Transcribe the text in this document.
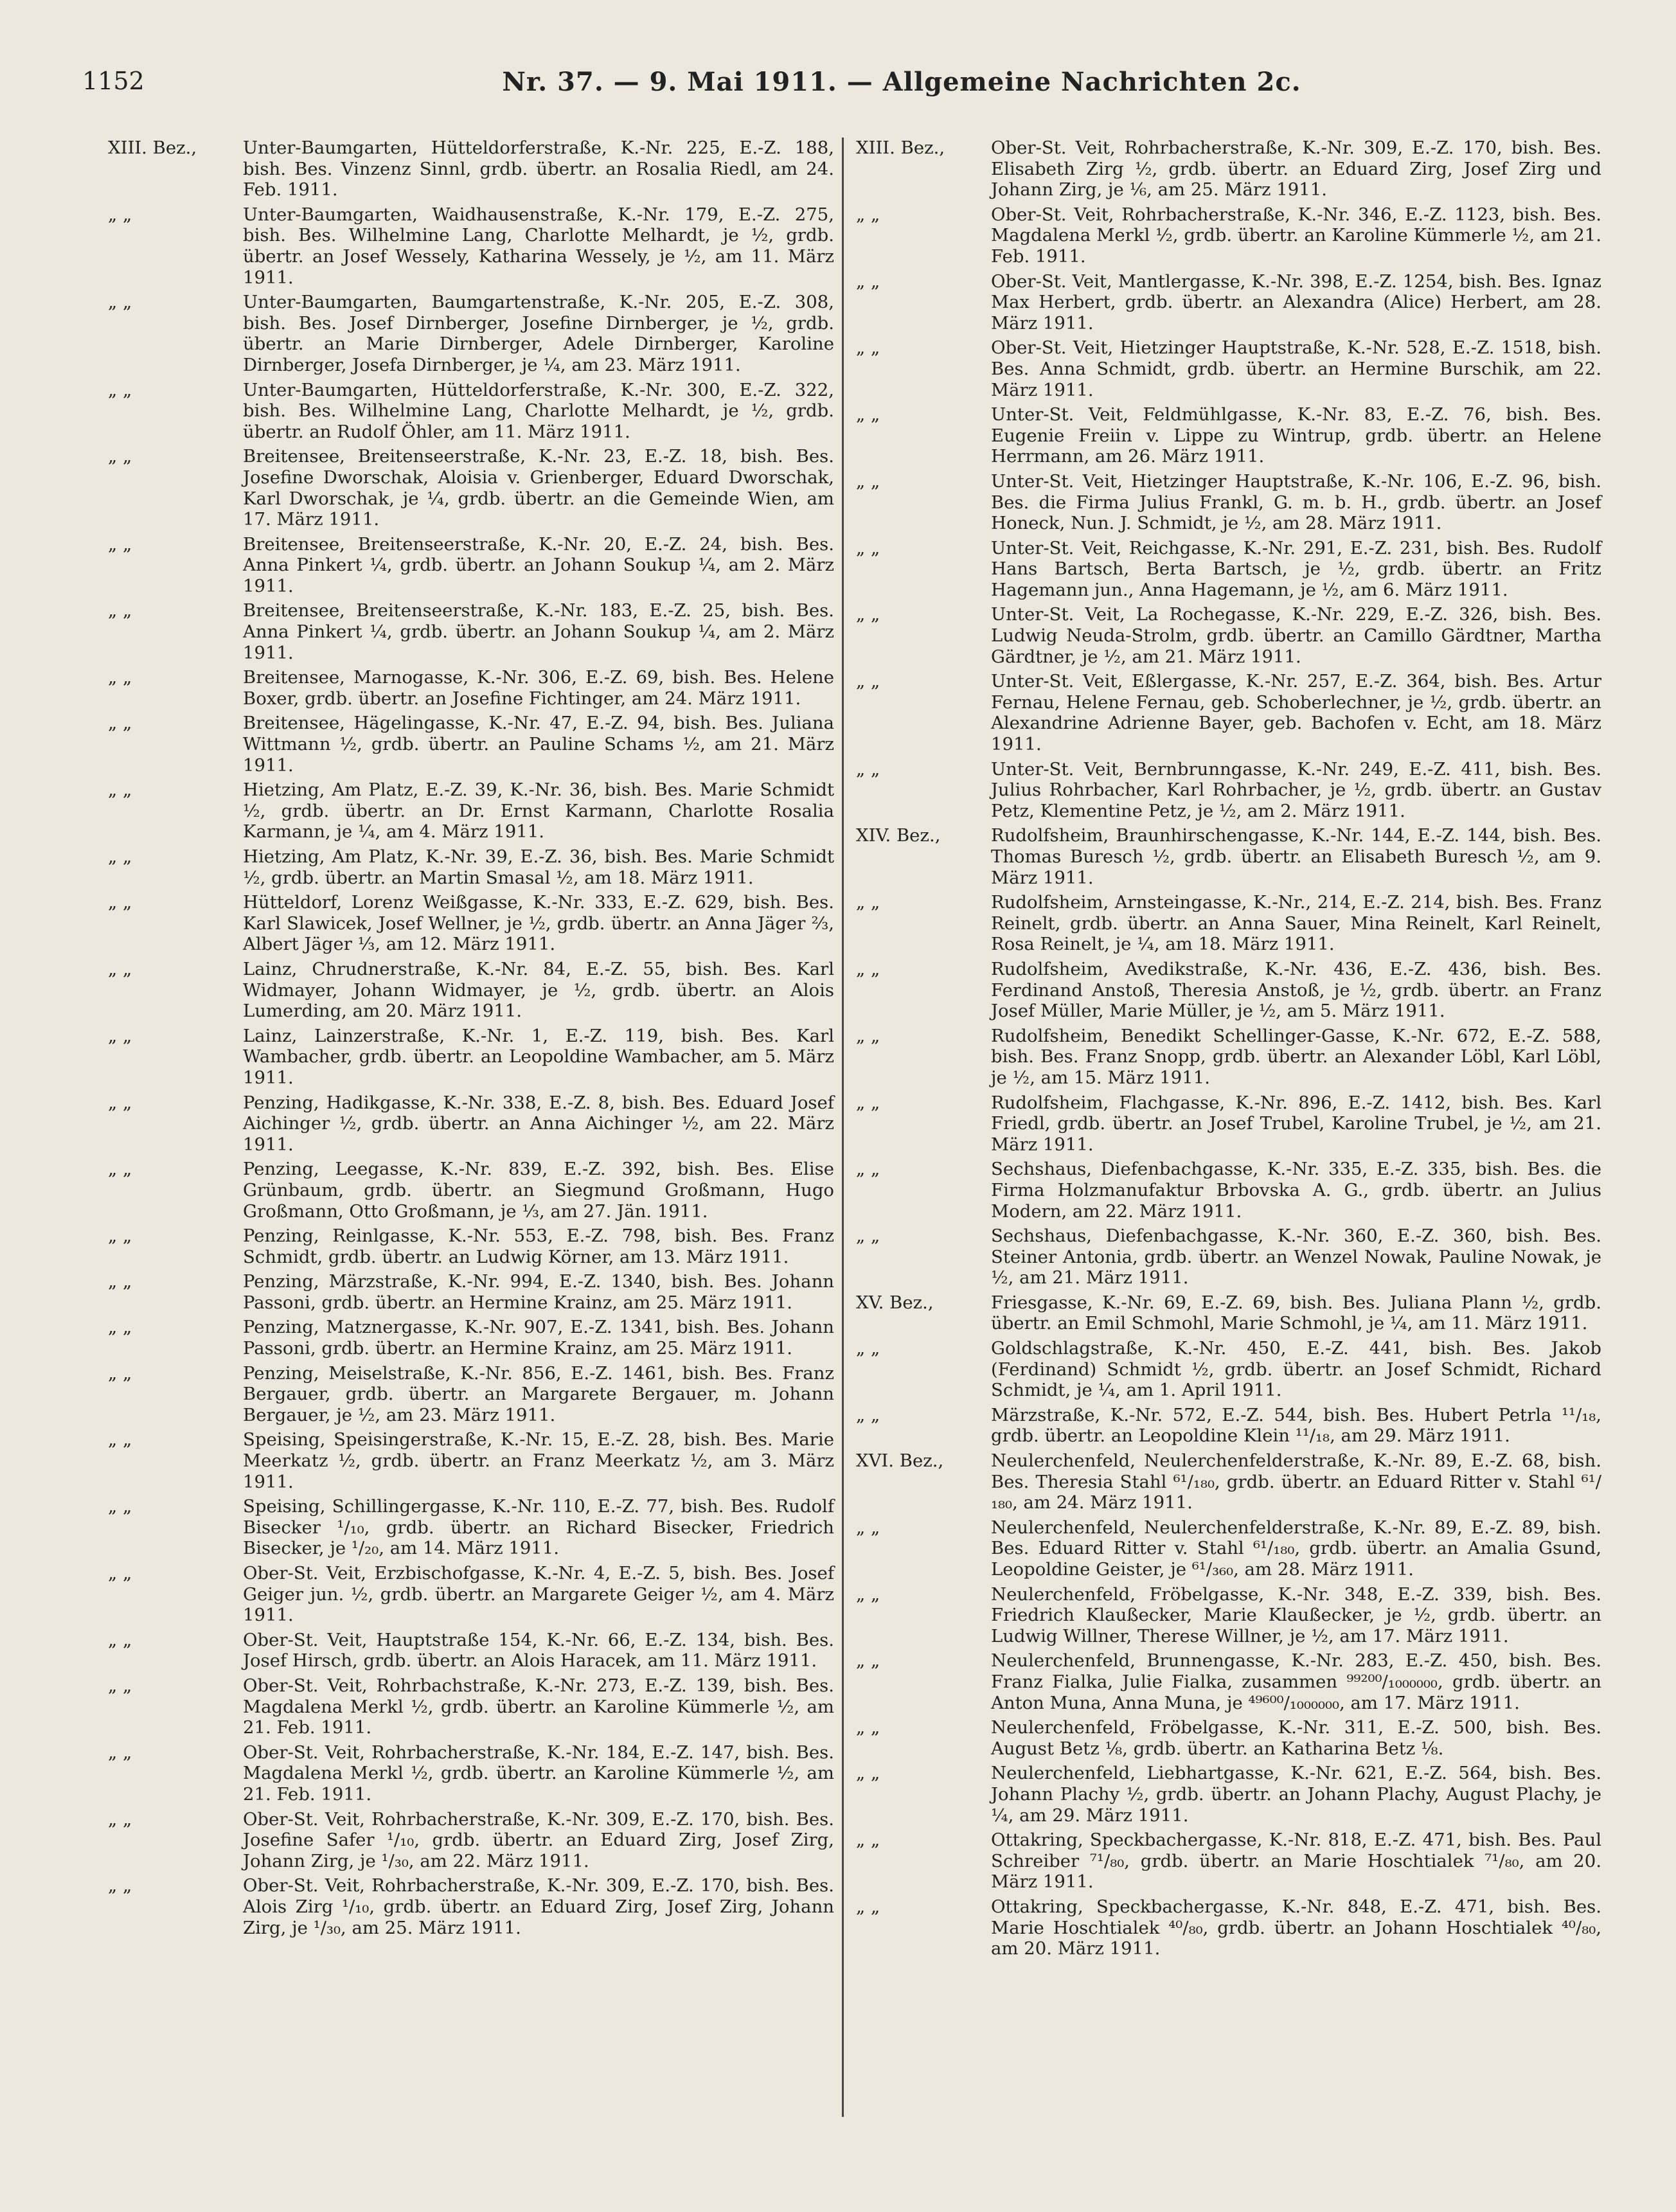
1152	Nr. 37. — 9. Mai 1911. — Allgemeine Nachrichten 2c.
XIII. Bez.,	Unter-Baumgarten, Hütteldorferstraße, K.-Nr. 225, E.-Z. 188, bish. Bes. Vinzenz Sinnl, grdb. übertr. an Rosalia Riedl, am 24. Feb. 1911.
„ „	Unter-Baumgarten, Waidhausenstraße, K.-Nr. 179, E.-Z. 275, bish. Bes. Wilhelmine Lang, Charlotte Melhardt, je ½, grdb. übertr. an Josef Wessely, Katharina Wessely, je ½, am 11. März 1911.
„ „	Unter-Baumgarten, Baumgartenstraße, K.-Nr. 205, E.-Z. 308, bish. Bes. Josef Dirnberger, Josefine Dirnberger, je ½, grdb. übertr. an Marie Dirnberger, Adele Dirnberger, Karoline Dirnberger, Josefa Dirnberger, je ¼, am 23. März 1911.
„ „	Unter-Baumgarten, Hütteldorferstraße, K.-Nr. 300, E.-Z. 322, bish. Bes. Wilhelmine Lang, Charlotte Melhardt, je ½, grdb. übertr. an Rudolf Öhler, am 11. März 1911.
„ „	Breitensee, Breitenseerstraße, K.-Nr. 23, E.-Z. 18, bish. Bes. Josefine Dworschak, Aloisia v. Grienberger, Eduard Dworschak, Karl Dworschak, je ¼, grdb. übertr. an die Gemeinde Wien, am 17. März 1911.
„ „	Breitensee, Breitenseerstraße, K.-Nr. 20, E.-Z. 24, bish. Bes. Anna Pinkert ¼, grdb. übertr. an Johann Soukup ¼, am 2. März 1911.
„ „	Breitensee, Breitenseerstraße, K.-Nr. 183, E.-Z. 25, bish. Bes. Anna Pinkert ¼, grdb. übertr. an Johann Soukup ¼, am 2. März 1911.
„ „	Breitensee, Marnogasse, K.-Nr. 306, E.-Z. 69, bish. Bes. Helene Boxer, grdb. übertr. an Josefine Fichtinger, am 24. März 1911.
„ „	Breitensee, Hägelingasse, K.-Nr. 47, E.-Z. 94, bish. Bes. Juliana Wittmann ½, grdb. übertr. an Pauline Schams ½, am 21. März 1911.
„ „	Hietzing, Am Platz, E.-Z. 39, K.-Nr. 36, bish. Bes. Marie Schmidt ½, grdb. übertr. an Dr. Ernst Karmann, Charlotte Rosalia Karmann, je ¼, am 4. März 1911.
„ „	Hietzing, Am Platz, K.-Nr. 39, E.-Z. 36, bish. Bes. Marie Schmidt ½, grdb. übertr. an Martin Smasal ½, am 18. März 1911.
„ „	Hütteldorf, Lorenz Weißgasse, K.-Nr. 333, E.-Z. 629, bish. Bes. Karl Slawicek, Josef Wellner, je ½, grdb. übertr. an Anna Jäger ⅔, Albert Jäger ⅓, am 12. März 1911.
„ „	Lainz, Chrudnerstraße, K.-Nr. 84, E.-Z. 55, bish. Bes. Karl Widmayer, Johann Widmayer, je ½, grdb. übertr. an Alois Lumerding, am 20. März 1911.
„ „	Lainz, Lainzerstraße, K.-Nr. 1, E.-Z. 119, bish. Bes. Karl Wambacher, grdb. übertr. an Leopoldine Wambacher, am 5. März 1911.
„ „	Penzing, Hadikgasse, K.-Nr. 338, E.-Z. 8, bish. Bes. Eduard Josef Aichinger ½, grdb. übertr. an Anna Aichinger ½, am 22. März 1911.
„ „	Penzing, Leegasse, K.-Nr. 839, E.-Z. 392, bish. Bes. Elise Grünbaum, grdb. übertr. an Siegmund Großmann, Hugo Großmann, Otto Großmann, je ⅓, am 27. Jän. 1911.
„ „	Penzing, Reinlgasse, K.-Nr. 553, E.-Z. 798, bish. Bes. Franz Schmidt, grdb. übertr. an Ludwig Körner, am 13. März 1911.
„ „	Penzing, Märzstraße, K.-Nr. 994, E.-Z. 1340, bish. Bes. Johann Passoni, grdb. übertr. an Hermine Krainz, am 25. März 1911.
„ „	Penzing, Matznergasse, K.-Nr. 907, E.-Z. 1341, bish. Bes. Johann Passoni, grdb. übertr. an Hermine Krainz, am 25. März 1911.
„ „	Penzing, Meiselstraße, K.-Nr. 856, E.-Z. 1461, bish. Bes. Franz Bergauer, grdb. übertr. an Margarete Bergauer, m. Johann Bergauer, je ½, am 23. März 1911.
„ „	Speising, Speisingerstraße, K.-Nr. 15, E.-Z. 28, bish. Bes. Marie Meerkatz ½, grdb. übertr. an Franz Meerkatz ½, am 3. März 1911.
„ „	Speising, Schillingergasse, K.-Nr. 110, E.-Z. 77, bish. Bes. Rudolf Bisecker ¹/₁₀, grdb. übertr. an Richard Bisecker, Friedrich Bisecker, je ¹/₂₀, am 14. März 1911.
„ „	Ober-St. Veit, Erzbischofgasse, K.-Nr. 4, E.-Z. 5, bish. Bes. Josef Geiger jun. ½, grdb. übertr. an Margarete Geiger ½, am 4. März 1911.
„ „	Ober-St. Veit, Hauptstraße 154, K.-Nr. 66, E.-Z. 134, bish. Bes. Josef Hirsch, grdb. übertr. an Alois Haracek, am 11. März 1911.
„ „	Ober-St. Veit, Rohrbachstraße, K.-Nr. 273, E.-Z. 139, bish. Bes. Magdalena Merkl ½, grdb. übertr. an Karoline Kümmerle ½, am 21. Feb. 1911.
„ „	Ober-St. Veit, Rohrbacherstraße, K.-Nr. 184, E.-Z. 147, bish. Bes. Magdalena Merkl ½, grdb. übertr. an Karoline Kümmerle ½, am 21. Feb. 1911.
„ „	Ober-St. Veit, Rohrbacherstraße, K.-Nr. 309, E.-Z. 170, bish. Bes. Josefine Safer ¹/₁₀, grdb. übertr. an Eduard Zirg, Josef Zirg, Johann Zirg, je ¹/₃₀, am 22. März 1911.
„ „	Ober-St. Veit, Rohrbacherstraße, K.-Nr. 309, E.-Z. 170, bish. Bes. Alois Zirg ¹/₁₀, grdb. übertr. an Eduard Zirg, Josef Zirg, Johann Zirg, je ¹/₃₀, am 25. März 1911.
XIII. Bez.,	Ober-St. Veit, Rohrbacherstraße, K.-Nr. 309, E.-Z. 170, bish. Bes. Elisabeth Zirg ½, grdb. übertr. an Eduard Zirg, Josef Zirg und Johann Zirg, je ⅙, am 25. März 1911.
„ „	Ober-St. Veit, Rohrbacherstraße, K.-Nr. 346, E.-Z. 1123, bish. Bes. Magdalena Merkl ½, grdb. übertr. an Karoline Kümmerle ½, am 21. Feb. 1911.
„ „	Ober-St. Veit, Mantlergasse, K.-Nr. 398, E.-Z. 1254, bish. Bes. Ignaz Max Herbert, grdb. übertr. an Alexandra (Alice) Herbert, am 28. März 1911.
„ „	Ober-St. Veit, Hietzinger Hauptstraße, K.-Nr. 528, E.-Z. 1518, bish. Bes. Anna Schmidt, grdb. übertr. an Hermine Burschik, am 22. März 1911.
„ „	Unter-St. Veit, Feldmühlgasse, K.-Nr. 83, E.-Z. 76, bish. Bes. Eugenie Freiin v. Lippe zu Wintrup, grdb. übertr. an Helene Herrmann, am 26. März 1911.
„ „	Unter-St. Veit, Hietzinger Hauptstraße, K.-Nr. 106, E.-Z. 96, bish. Bes. die Firma Julius Frankl, G. m. b. H., grdb. übertr. an Josef Honeck, Nun. J. Schmidt, je ½, am 28. März 1911.
„ „	Unter-St. Veit, Reichgasse, K.-Nr. 291, E.-Z. 231, bish. Bes. Rudolf Hans Bartsch, Berta Bartsch, je ½, grdb. übertr. an Fritz Hagemann jun., Anna Hagemann, je ½, am 6. März 1911.
„ „	Unter-St. Veit, La Rochegasse, K.-Nr. 229, E.-Z. 326, bish. Bes. Ludwig Neuda-Strolm, grdb. übertr. an Camillo Gärdtner, Martha Gärdtner, je ½, am 21. März 1911.
„ „	Unter-St. Veit, Eßlergasse, K.-Nr. 257, E.-Z. 364, bish. Bes. Artur Fernau, Helene Fernau, geb. Schoberlechner, je ½, grdb. übertr. an Alexandrine Adrienne Bayer, geb. Bachofen v. Echt, am 18. März 1911.
„ „	Unter-St. Veit, Bernbrunngasse, K.-Nr. 249, E.-Z. 411, bish. Bes. Julius Rohrbacher, Karl Rohrbacher, je ½, grdb. übertr. an Gustav Petz, Klementine Petz, je ½, am 2. März 1911.
XIV. Bez.,	Rudolfsheim, Braunhirschengasse, K.-Nr. 144, E.-Z. 144, bish. Bes. Thomas Buresch ½, grdb. übertr. an Elisabeth Buresch ½, am 9. März 1911.
„ „	Rudolfsheim, Arnsteingasse, K.-Nr., 214, E.-Z. 214, bish. Bes. Franz Reinelt, grdb. übertr. an Anna Sauer, Mina Reinelt, Karl Reinelt, Rosa Reinelt, je ¼, am 18. März 1911.
„ „	Rudolfsheim, Avedikstraße, K.-Nr. 436, E.-Z. 436, bish. Bes. Ferdinand Anstoß, Theresia Anstoß, je ½, grdb. übertr. an Franz Josef Müller, Marie Müller, je ½, am 5. März 1911.
„ „	Rudolfsheim, Benedikt Schellinger-Gasse, K.-Nr. 672, E.-Z. 588, bish. Bes. Franz Snopp, grdb. übertr. an Alexander Löbl, Karl Löbl, je ½, am 15. März 1911.
„ „	Rudolfsheim, Flachgasse, K.-Nr. 896, E.-Z. 1412, bish. Bes. Karl Friedl, grdb. übertr. an Josef Trubel, Karoline Trubel, je ½, am 21. März 1911.
„ „	Sechshaus, Diefenbachgasse, K.-Nr. 335, E.-Z. 335, bish. Bes. die Firma Holzmanufaktur Brbovska A. G., grdb. übertr. an Julius Modern, am 22. März 1911.
„ „	Sechshaus, Diefenbachgasse, K.-Nr. 360, E.-Z. 360, bish. Bes. Steiner Antonia, grdb. übertr. an Wenzel Nowak, Pauline Nowak, je ½, am 21. März 1911.
XV. Bez.,	Friesgasse, K.-Nr. 69, E.-Z. 69, bish. Bes. Juliana Plann ½, grdb. übertr. an Emil Schmohl, Marie Schmohl, je ¼, am 11. März 1911.
„ „	Goldschlagstraße, K.-Nr. 450, E.-Z. 441, bish. Bes. Jakob (Ferdinand) Schmidt ½, grdb. übertr. an Josef Schmidt, Richard Schmidt, je ¼, am 1. April 1911.
„ „	Märzstraße, K.-Nr. 572, E.-Z. 544, bish. Bes. Hubert Petrla ¹¹/₁₈, grdb. übertr. an Leopoldine Klein ¹¹/₁₈, am 29. März 1911.
XVI. Bez.,	Neulerchenfeld, Neulerchenfelderstraße, K.-Nr. 89, E.-Z. 68, bish. Bes. Theresia Stahl ⁶¹/₁₈₀, grdb. übertr. an Eduard Ritter v. Stahl ⁶¹/₁₈₀, am 24. März 1911.
„ „	Neulerchenfeld, Neulerchenfelderstraße, K.-Nr. 89, E.-Z. 89, bish. Bes. Eduard Ritter v. Stahl ⁶¹/₁₈₀, grdb. übertr. an Amalia Gsund, Leopoldine Geister, je ⁶¹/₃₆₀, am 28. März 1911.
„ „	Neulerchenfeld, Fröbelgasse, K.-Nr. 348, E.-Z. 339, bish. Bes. Friedrich Klaußecker, Marie Klaußecker, je ½, grdb. übertr. an Ludwig Willner, Therese Willner, je ½, am 17. März 1911.
„ „	Neulerchenfeld, Brunnengasse, K.-Nr. 283, E.-Z. 450, bish. Bes. Franz Fialka, Julie Fialka, zusammen ⁹⁹²⁰⁰/₁₀₀₀₀₀₀, grdb. übertr. an Anton Muna, Anna Muna, je ⁴⁹⁶⁰⁰/₁₀₀₀₀₀₀, am 17. März 1911.
„ „	Neulerchenfeld, Fröbelgasse, K.-Nr. 311, E.-Z. 500, bish. Bes. August Betz ⅛, grdb. übertr. an Katharina Betz ⅛.
„ „	Neulerchenfeld, Liebhartgasse, K.-Nr. 621, E.-Z. 564, bish. Bes. Johann Plachy ½, grdb. übertr. an Johann Plachy, August Plachy, je ¼, am 29. März 1911.
„ „	Ottakring, Speckbachergasse, K.-Nr. 818, E.-Z. 471, bish. Bes. Paul Schreiber ⁷¹/₈₀, grdb. übertr. an Marie Hoschtialek ⁷¹/₈₀, am 20. März 1911.
„ „	Ottakring, Speckbachergasse, K.-Nr. 848, E.-Z. 471, bish. Bes. Marie Hoschtialek ⁴⁰/₈₀, grdb. übertr. an Johann Hoschtialek ⁴⁰/₈₀, am 20. März 1911.
